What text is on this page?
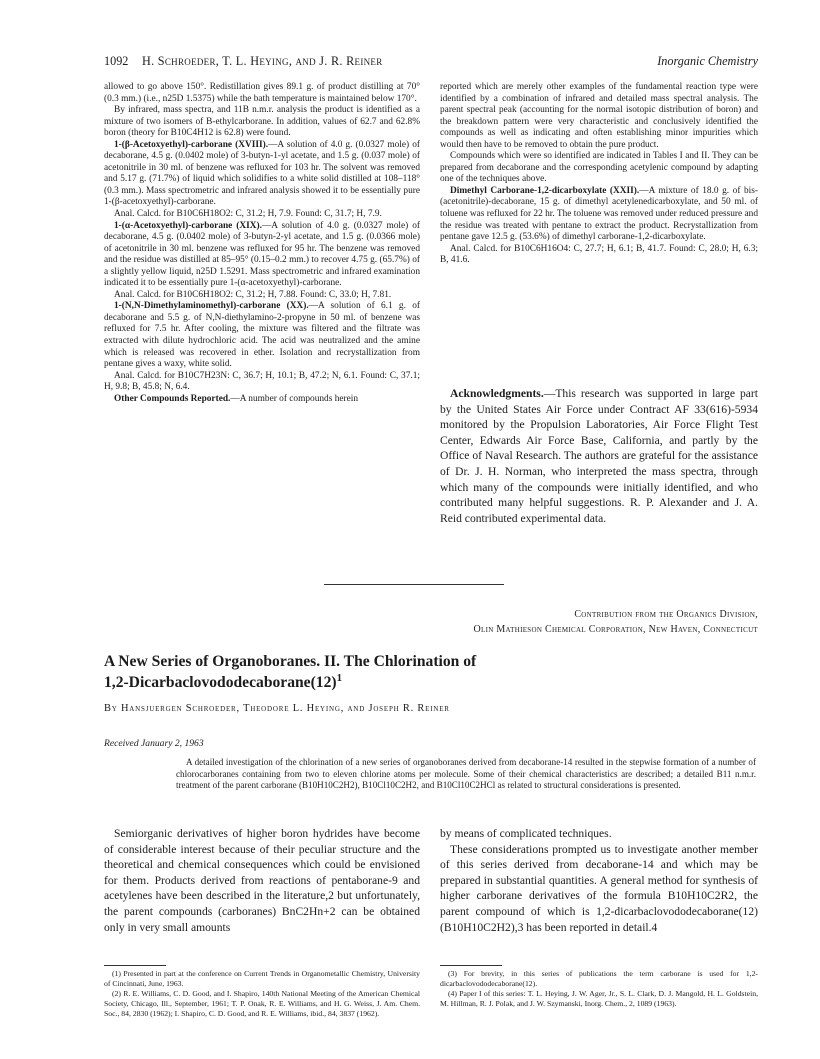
1092 H. Schroeder, T. L. Heying, and J. R. Reiner	Inorganic Chemistry

allowed to go above 150°. Redistillation gives 89.1 g. of product distilling at 70° (0.3 mm.) (i.e., n25D 1.5375) while the bath temperature is maintained below 170°.

By infrared, mass spectra, and 11B n.m.r. analysis the product is identified as a mixture of two isomers of B-ethylcarborane. In addition, values of 62.7 and 62.8% boron (theory for B10C4H12 is 62.8) were found.

1-(β-Acetoxyethyl)-carborane (XVIII).—A solution of 4.0 g. (0.0327 mole) of decaborane, 4.5 g. (0.0402 mole) of 3-butyn-1-yl acetate, and 1.5 g. (0.037 mole) of acetonitrile in 30 ml. of benzene was refluxed for 103 hr. The solvent was removed and 5.17 g. (71.7%) of liquid which solidifies to a white solid distilled at 108–118° (0.3 mm.). Mass spectrometric and infrared analysis showed it to be essentially pure 1-(β-acetoxyethyl)-carborane.

Anal. Calcd. for B10C6H18O2: C, 31.2; H, 7.9. Found: C, 31.7; H, 7.9.

1-(α-Acetoxyethyl)-carborane (XIX).—A solution of 4.0 g. (0.0327 mole) of decaborane, 4.5 g. (0.0402 mole) of 3-butyn-2-yl acetate, and 1.5 g. (0.0366 mole) of acetonitrile in 30 ml. benzene was refluxed for 95 hr. The benzene was removed and the residue was distilled at 85–95° (0.15–0.2 mm.) to recover 4.75 g. (65.7%) of a slightly yellow liquid, n25D 1.5291. Mass spectrometric and infrared examination indicated it to be essentially pure 1-(α-acetoxyethyl)-carborane.

Anal. Calcd. for B10C6H18O2: C, 31.2; H, 7.88. Found: C, 33.0; H, 7.81.

1-(N,N-Dimethylaminomethyl)-carborane (XX).—A solution of 6.1 g. of decaborane and 5.5 g. of N,N-diethylamino-2-propyne in 50 ml. of benzene was refluxed for 7.5 hr. After cooling, the mixture was filtered and the filtrate was extracted with dilute hydrochloric acid. The acid was neutralized and the amine which is released was recovered in ether. Isolation and recrystallization from pentane gives a waxy, white solid.

Anal. Calcd. for B10C7H23N: C, 36.7; H, 10.1; B, 47.2; N, 6.1. Found: C, 37.1; H, 9.8; B, 45.8; N, 6.4.

Other Compounds Reported.—A number of compounds herein

reported which are merely other examples of the fundamental reaction type were identified by a combination of infrared and detailed mass spectral analysis. The parent spectral peak (accounting for the normal isotopic distribution of boron) and the breakdown pattern were very characteristic and conclusively identified the compounds as well as indicating and often establishing minor impurities which would then have to be removed to obtain the pure product.

Compounds which were so identified are indicated in Tables I and II. They can be prepared from decaborane and the corresponding acetylenic compound by adapting one of the techniques above.

Dimethyl Carborane-1,2-dicarboxylate (XXII).—A mixture of 18.0 g. of bis-(acetonitrile)-decaborane, 15 g. of dimethyl acetylenedicarboxylate, and 50 ml. of toluene was refluxed for 22 hr. The toluene was removed under reduced pressure and the residue was treated with pentane to extract the product. Recrystallization from pentane gave 12.5 g. (53.6%) of dimethyl carborane-1,2-dicarboxylate.

Anal. Calcd. for B10C6H16O4: C, 27.7; H, 6.1; B, 41.7. Found: C, 28.0; H, 6.3; B, 41.6.

Acknowledgments.—This research was supported in large part by the United States Air Force under Contract AF 33(616)-5934 monitored by the Propulsion Laboratories, Air Force Flight Test Center, Edwards Air Force Base, California, and partly by the Office of Naval Research. The authors are grateful for the assistance of Dr. J. H. Norman, who interpreted the mass spectra, through which many of the compounds were initially identified, and who contributed many helpful suggestions. R. P. Alexander and J. A. Reid contributed experimental data.

Contribution from the Organics Division,
Olin Mathieson Chemical Corporation, New Haven, Connecticut
A New Series of Organoboranes. II. The Chlorination of
$1,2-Dicarbaclovododecaborane(12)^1$
By Hansjuergen Schroeder, Theodore L. Heying, and Joseph R. Reiner
Received January 2, 1963

A detailed investigation of the chlorination of a new series of organoboranes derived from decaborane-14 resulted in the stepwise formation of a number of chlorocarboranes containing from two to eleven chlorine atoms per molecule. Some of their chemical characteristics are described; a detailed B11 n.m.r. treatment of the parent carborane (B10H10C2H2), B10Cl10C2H2, and B10Cl10C2HCl as related to structural considerations is presented.

Semiorganic derivatives of higher boron hydrides have become of considerable interest because of their peculiar structure and the theoretical and chemical consequences which could be envisioned for them. Products derived from reactions of pentaborane-9 and acetylenes have been described in the literature,2 but unfortunately, the parent compounds (carboranes) BnC2Hn+2 can be obtained only in very small amounts

by means of complicated techniques.

These considerations prompted us to investigate another member of this series derived from decaborane-14 and which may be prepared in substantial quantities. A general method for synthesis of higher carborane derivatives of the formula B10H10C2R2, the parent compound of which is 1,2-dicarbaclovododecaborane(12) (B10H10C2H2),3 has been reported in detail.4

(1) Presented in part at the conference on Current Trends in Organometallic Chemistry, University of Cincinnati, June, 1963.

(2) R. E. Williams, C. D. Good, and I. Shapiro, 140th National Meeting of the American Chemical Society, Chicago, Ill., September, 1961; T. P. Onak, R. E. Williams, and H. G. Weiss, J. Am. Chem. Soc., 84, 2830 (1962); I. Shapiro, C. D. Good, and R. E. Williams, ibid., 84, 3837 (1962).

(3) For brevity, in this series of publications the term carborane is used for 1,2-dicarbaclovododecaborane(12).

(4) Paper I of this series: T. L. Heying, J. W. Ager, Jr., S. L. Clark, D. J. Mangold, H. L. Goldstein, M. Hillman, R. J. Polak, and J. W. Szymanski, Inorg. Chem., 2, 1089 (1963).
